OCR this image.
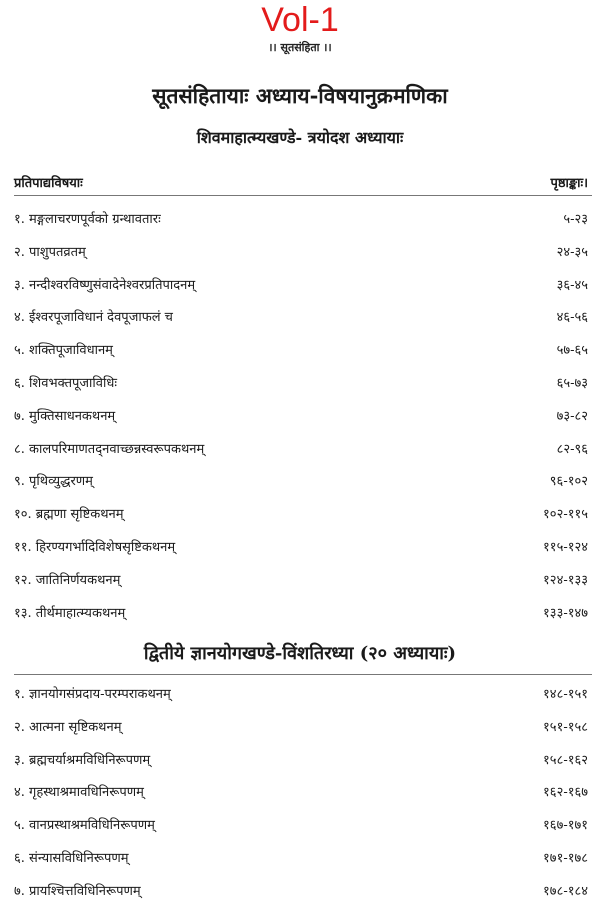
Vol-1
।। सूतसंहिता ।।
सूतसंहितायाः अध्याय-विषयानुक्रमणिका
शिवमाहात्म्यखण्डे- त्रयोदश अध्यायाः
प्रतिपाद्यविषयाः	पृष्ठाङ्काः।
१. मङ्गलाचरणपूर्वको ग्रन्थावतारः	५-२३
२. पाशुपतव्रतम्	२४-३५
३. नन्दीश्वरविष्णुसंवादेनेश्वरप्रतिपादनम्	३६-४५
४. ईश्वरपूजाविधानं देवपूजाफलं च	४६-५६
५. शक्तिपूजाविधानम्	५७-६५
६. शिवभक्तपूजाविधिः	६५-७३
७. मुक्तिसाधनकथनम्	७३-८२
८. कालपरिमाणतद्नवाच्छन्नस्वरूपकथनम्	८२-९६
९. पृथिव्युद्धरणम्	९६-१०२
१०. ब्रह्मणा सृष्टिकथनम्	१०२-११५
११. हिरण्यगर्भादिविशेषसृष्टिकथनम्	११५-१२४
१२. जातिनिर्णयकथनम्	१२४-१३३
१३. तीर्थमाहात्म्यकथनम्	१३३-१४७
द्वितीये ज्ञानयोगखण्डे-विंशतिरध्या (२० अध्यायाः)
१. ज्ञानयोगसंप्रदाय-परम्पराकथनम्	१४८-१५१
२. आत्मना सृष्टिकथनम्	१५१-१५८
३. ब्रह्मचर्याश्रमविधिनिरूपणम्	१५८-१६२
४. गृहस्थाश्रमावधिनिरूपणम्	१६२-१६७
५. वानप्रस्थाश्रमविधिनिरूपणम्	१६७-१७१
६. संन्यासविधिनिरूपणम्	१७१-१७८
७. प्रायश्चित्तविधिनिरूपणम्	१७८-१८४
